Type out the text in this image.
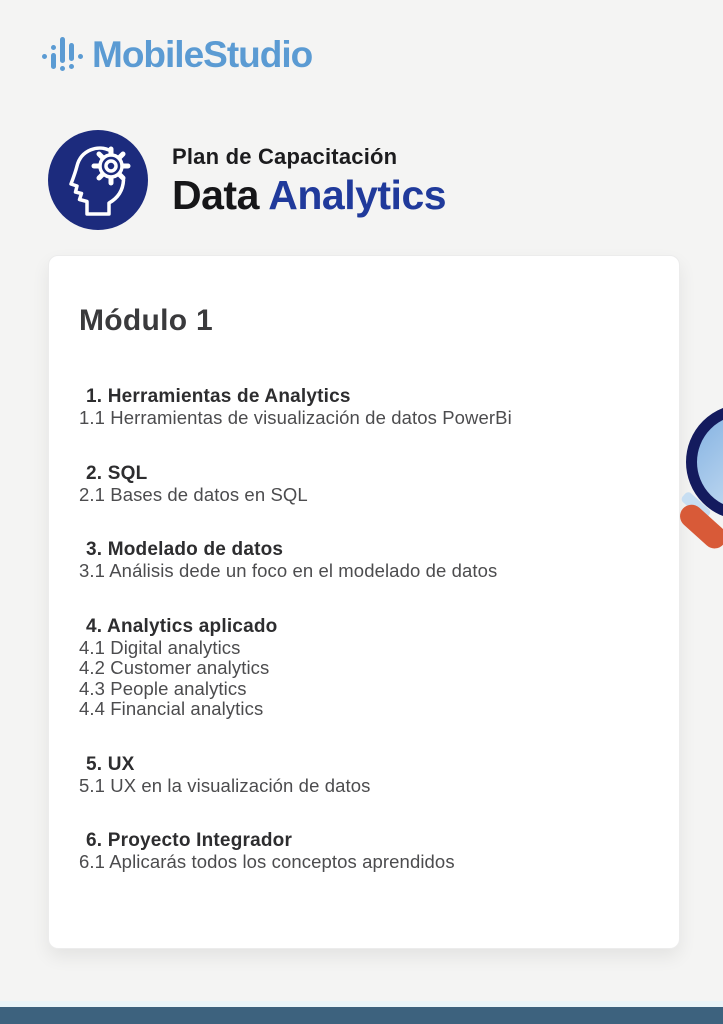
MobileStudio
Plan de Capacitación
Data Analytics
Módulo 1
1. Herramientas de Analytics

1.1 Herramientas de visualización de datos PowerBi

2. SQL

2.1 Bases de datos en SQL

3. Modelado de datos

3.1 Análisis dede un foco en el modelado de datos

4. Analytics aplicado

4.1 Digital analytics

4.2 Customer analytics

4.3 People analytics

4.4 Financial analytics

5. UX

5.1 UX en la visualización de datos

6. Proyecto Integrador

6.1 Aplicarás todos los conceptos aprendidos
